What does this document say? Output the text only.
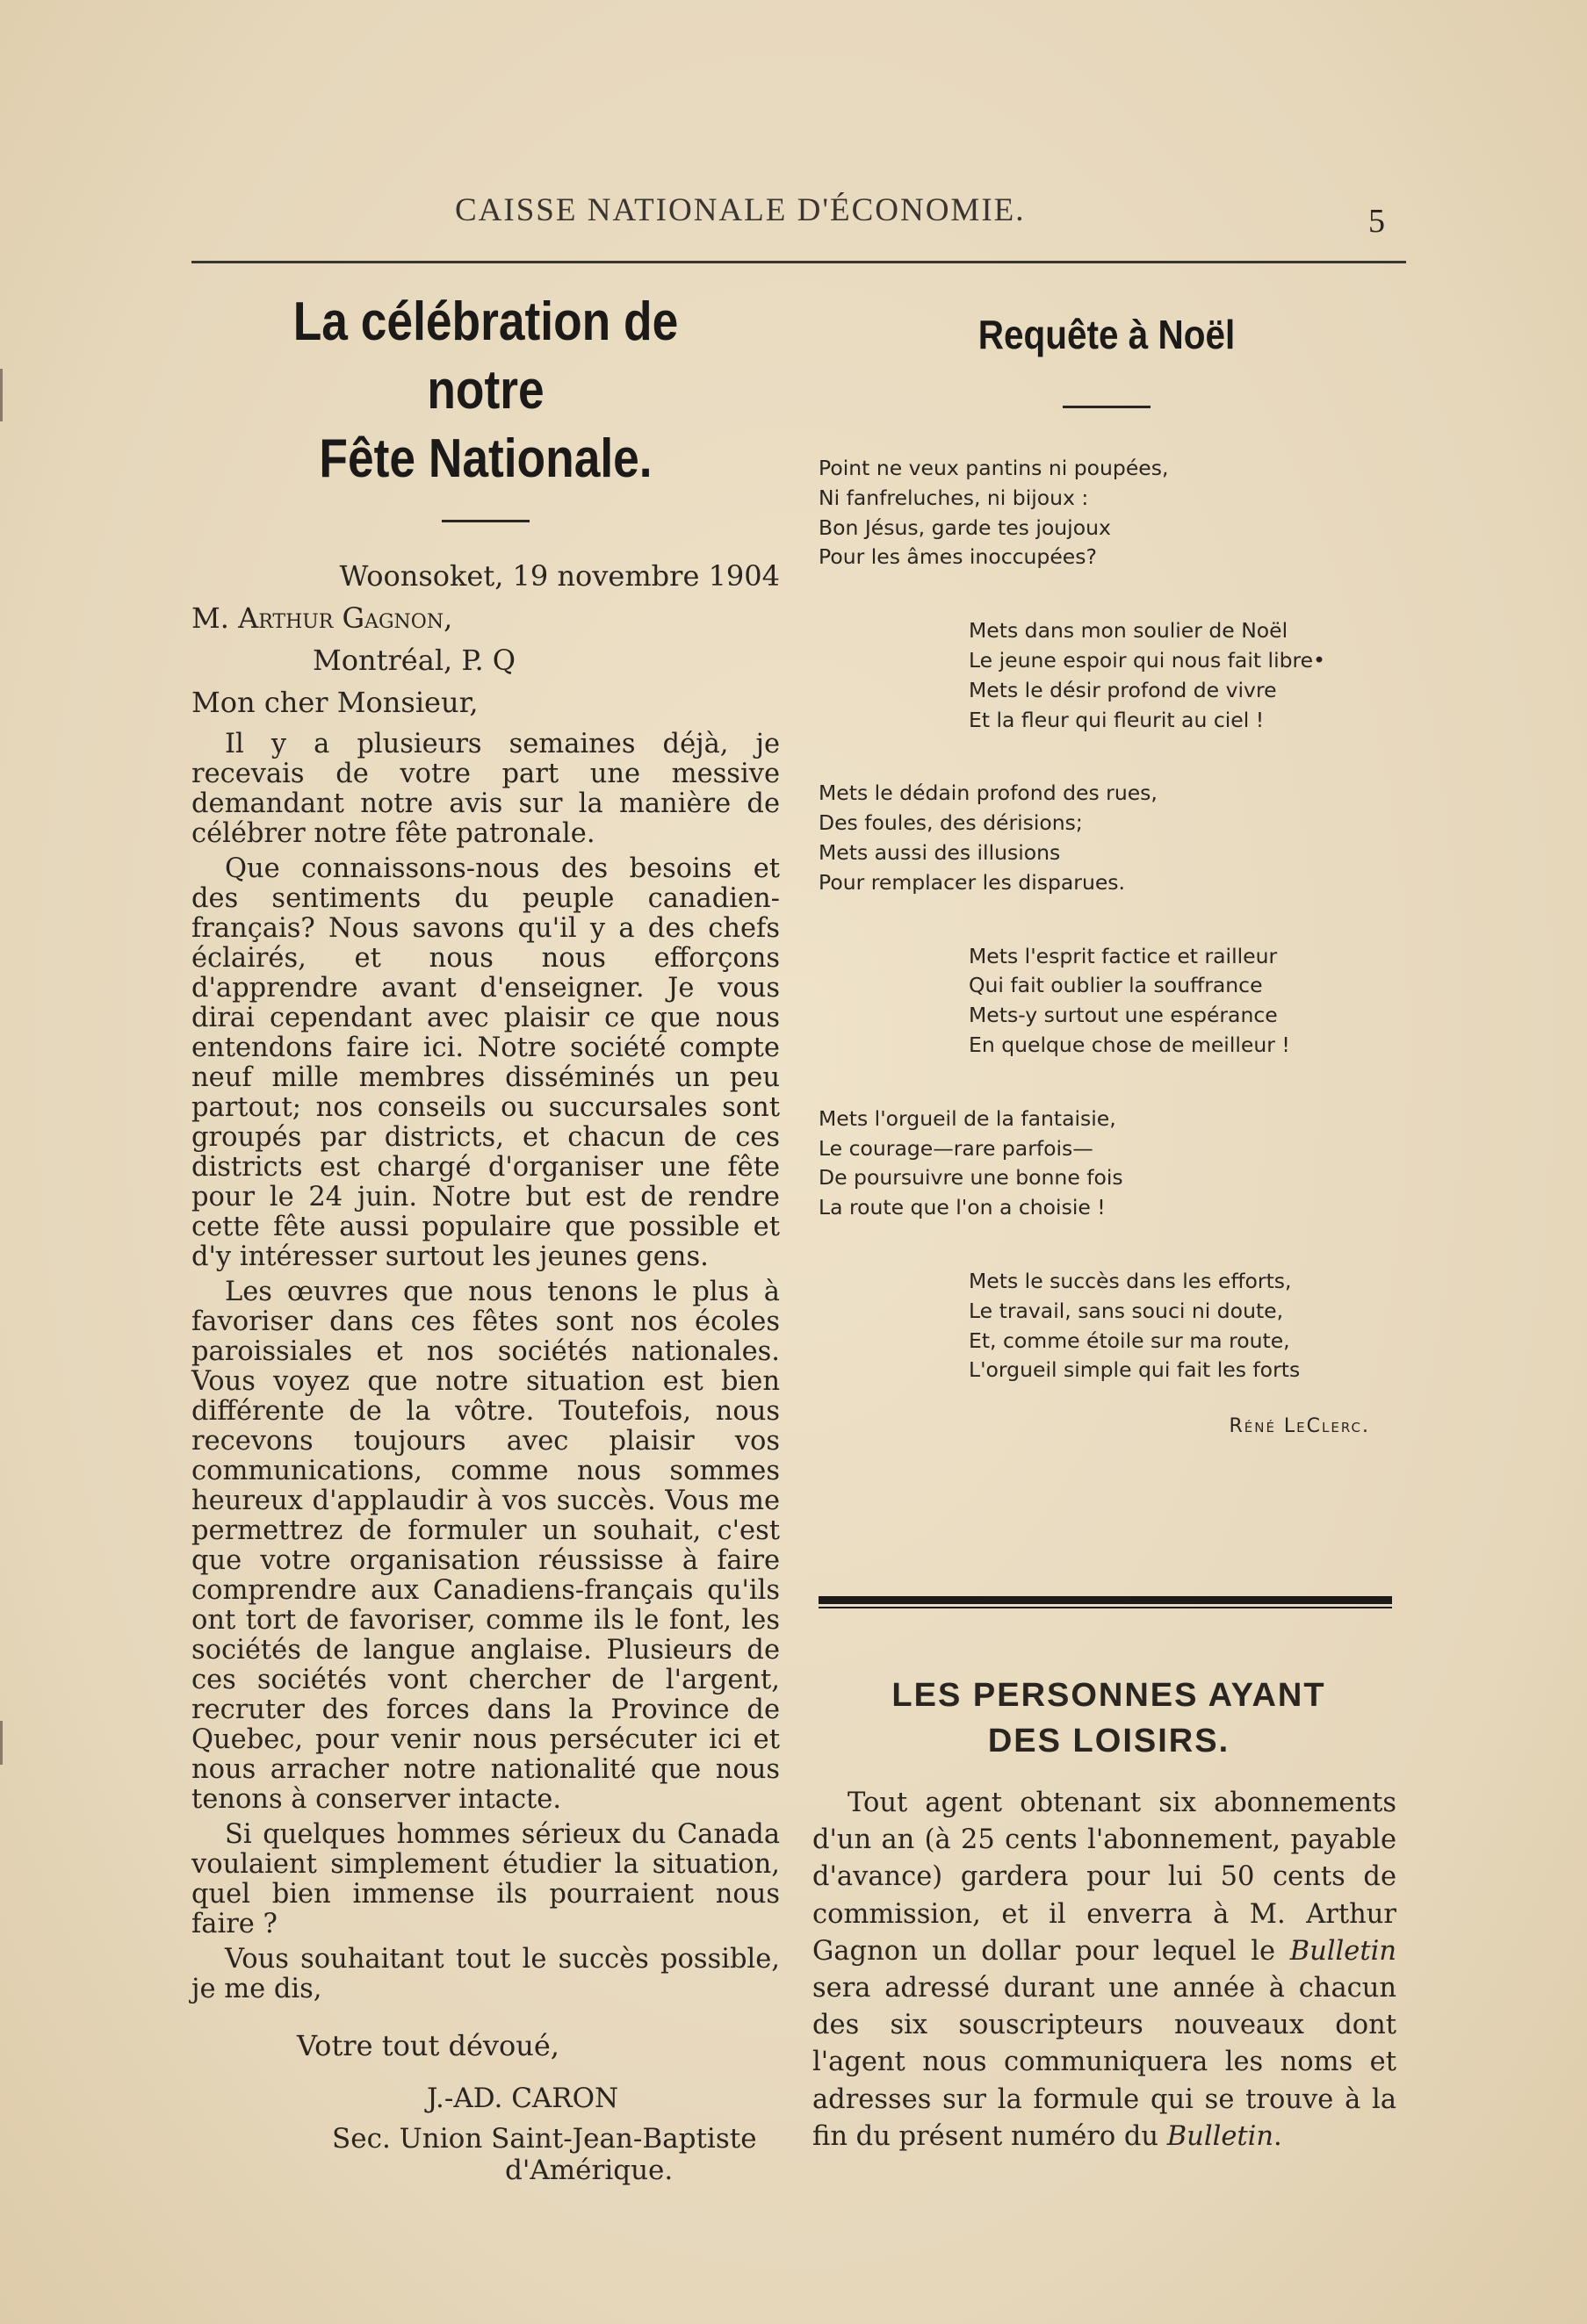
CAISSE NATIONALE D'ÉCONOMIE.	5
La célébration de notre
Fête Nationale.
Woonsoket, 19 novembre 1904
M. Arthur Gagnon,
Montréal, P. Q
Mon cher Monsieur,

Il y a plusieurs semaines déjà, je recevais de votre part une messive demandant notre avis sur la manière de célébrer notre fête patronale.

Que connaissons-nous des besoins et des sentiments du peuple canadien-français? Nous savons qu'il y a des chefs éclairés, et nous nous efforçons d'apprendre avant d'enseigner. Je vous dirai cependant avec plaisir ce que nous entendons faire ici. Notre société compte neuf mille membres disséminés un peu partout; nos conseils ou succursales sont groupés par districts, et chacun de ces districts est chargé d'organiser une fête pour le 24 juin. Notre but est de rendre cette fête aussi populaire que possible et d'y intéresser surtout les jeunes gens.

Les œuvres que nous tenons le plus à favoriser dans ces fêtes sont nos écoles paroissiales et nos sociétés nationales. Vous voyez que notre situation est bien différente de la vôtre. Toutefois, nous recevons toujours avec plaisir vos communications, comme nous sommes heureux d'applaudir à vos succès. Vous me permettrez de formuler un souhait, c'est que votre organisation réussisse à faire comprendre aux Canadiens-français qu'ils ont tort de favoriser, comme ils le font, les sociétés de langue anglaise. Plusieurs de ces sociétés vont chercher de l'argent, recruter des forces dans la Province de Quebec, pour venir nous persécuter ici et nous arracher notre nationalité que nous tenons à conserver intacte.

Si quelques hommes sérieux du Canada voulaient simplement étudier la situation, quel bien immense ils pourraient nous faire ?

Vous souhaitant tout le succès possible, je me dis,

Votre tout dévoué,
J.-AD. CARON
Sec. Union Saint-Jean-Baptiste
d'Amérique.
Requête à Noël
Point ne veux pantins ni poupées,
Ni fanfreluches, ni bijoux :
Bon Jésus, garde tes joujoux
Pour les âmes inoccupées?
Mets dans mon soulier de Noël
Le jeune espoir qui nous fait libre•
Mets le désir profond de vivre
Et la fleur qui fleurit au ciel !
Mets le dédain profond des rues,
Des foules, des dérisions;
Mets aussi des illusions
Pour remplacer les disparues.
Mets l'esprit factice et railleur
Qui fait oublier la souffrance
Mets-y surtout une espérance
En quelque chose de meilleur !
Mets l'orgueil de la fantaisie,
Le courage—rare parfois—
De poursuivre une bonne fois
La route que l'on a choisie !
Mets le succès dans les efforts,
Le travail, sans souci ni doute,
Et, comme étoile sur ma route,
L'orgueil simple qui fait les forts
Réné LeClerc.
LES PERSONNES AYANT
DES LOISIRS.

Tout agent obtenant six abonnements d'un an (à 25 cents l'abonnement, payable d'avance) gardera pour lui 50 cents de commission, et il enverra à M. Arthur Gagnon un dollar pour lequel le Bulletin sera adressé durant une année à chacun des six souscripteurs nouveaux dont l'agent nous communiquera les noms et adresses sur la formule qui se trouve à la fin du présent numéro du Bulletin.
